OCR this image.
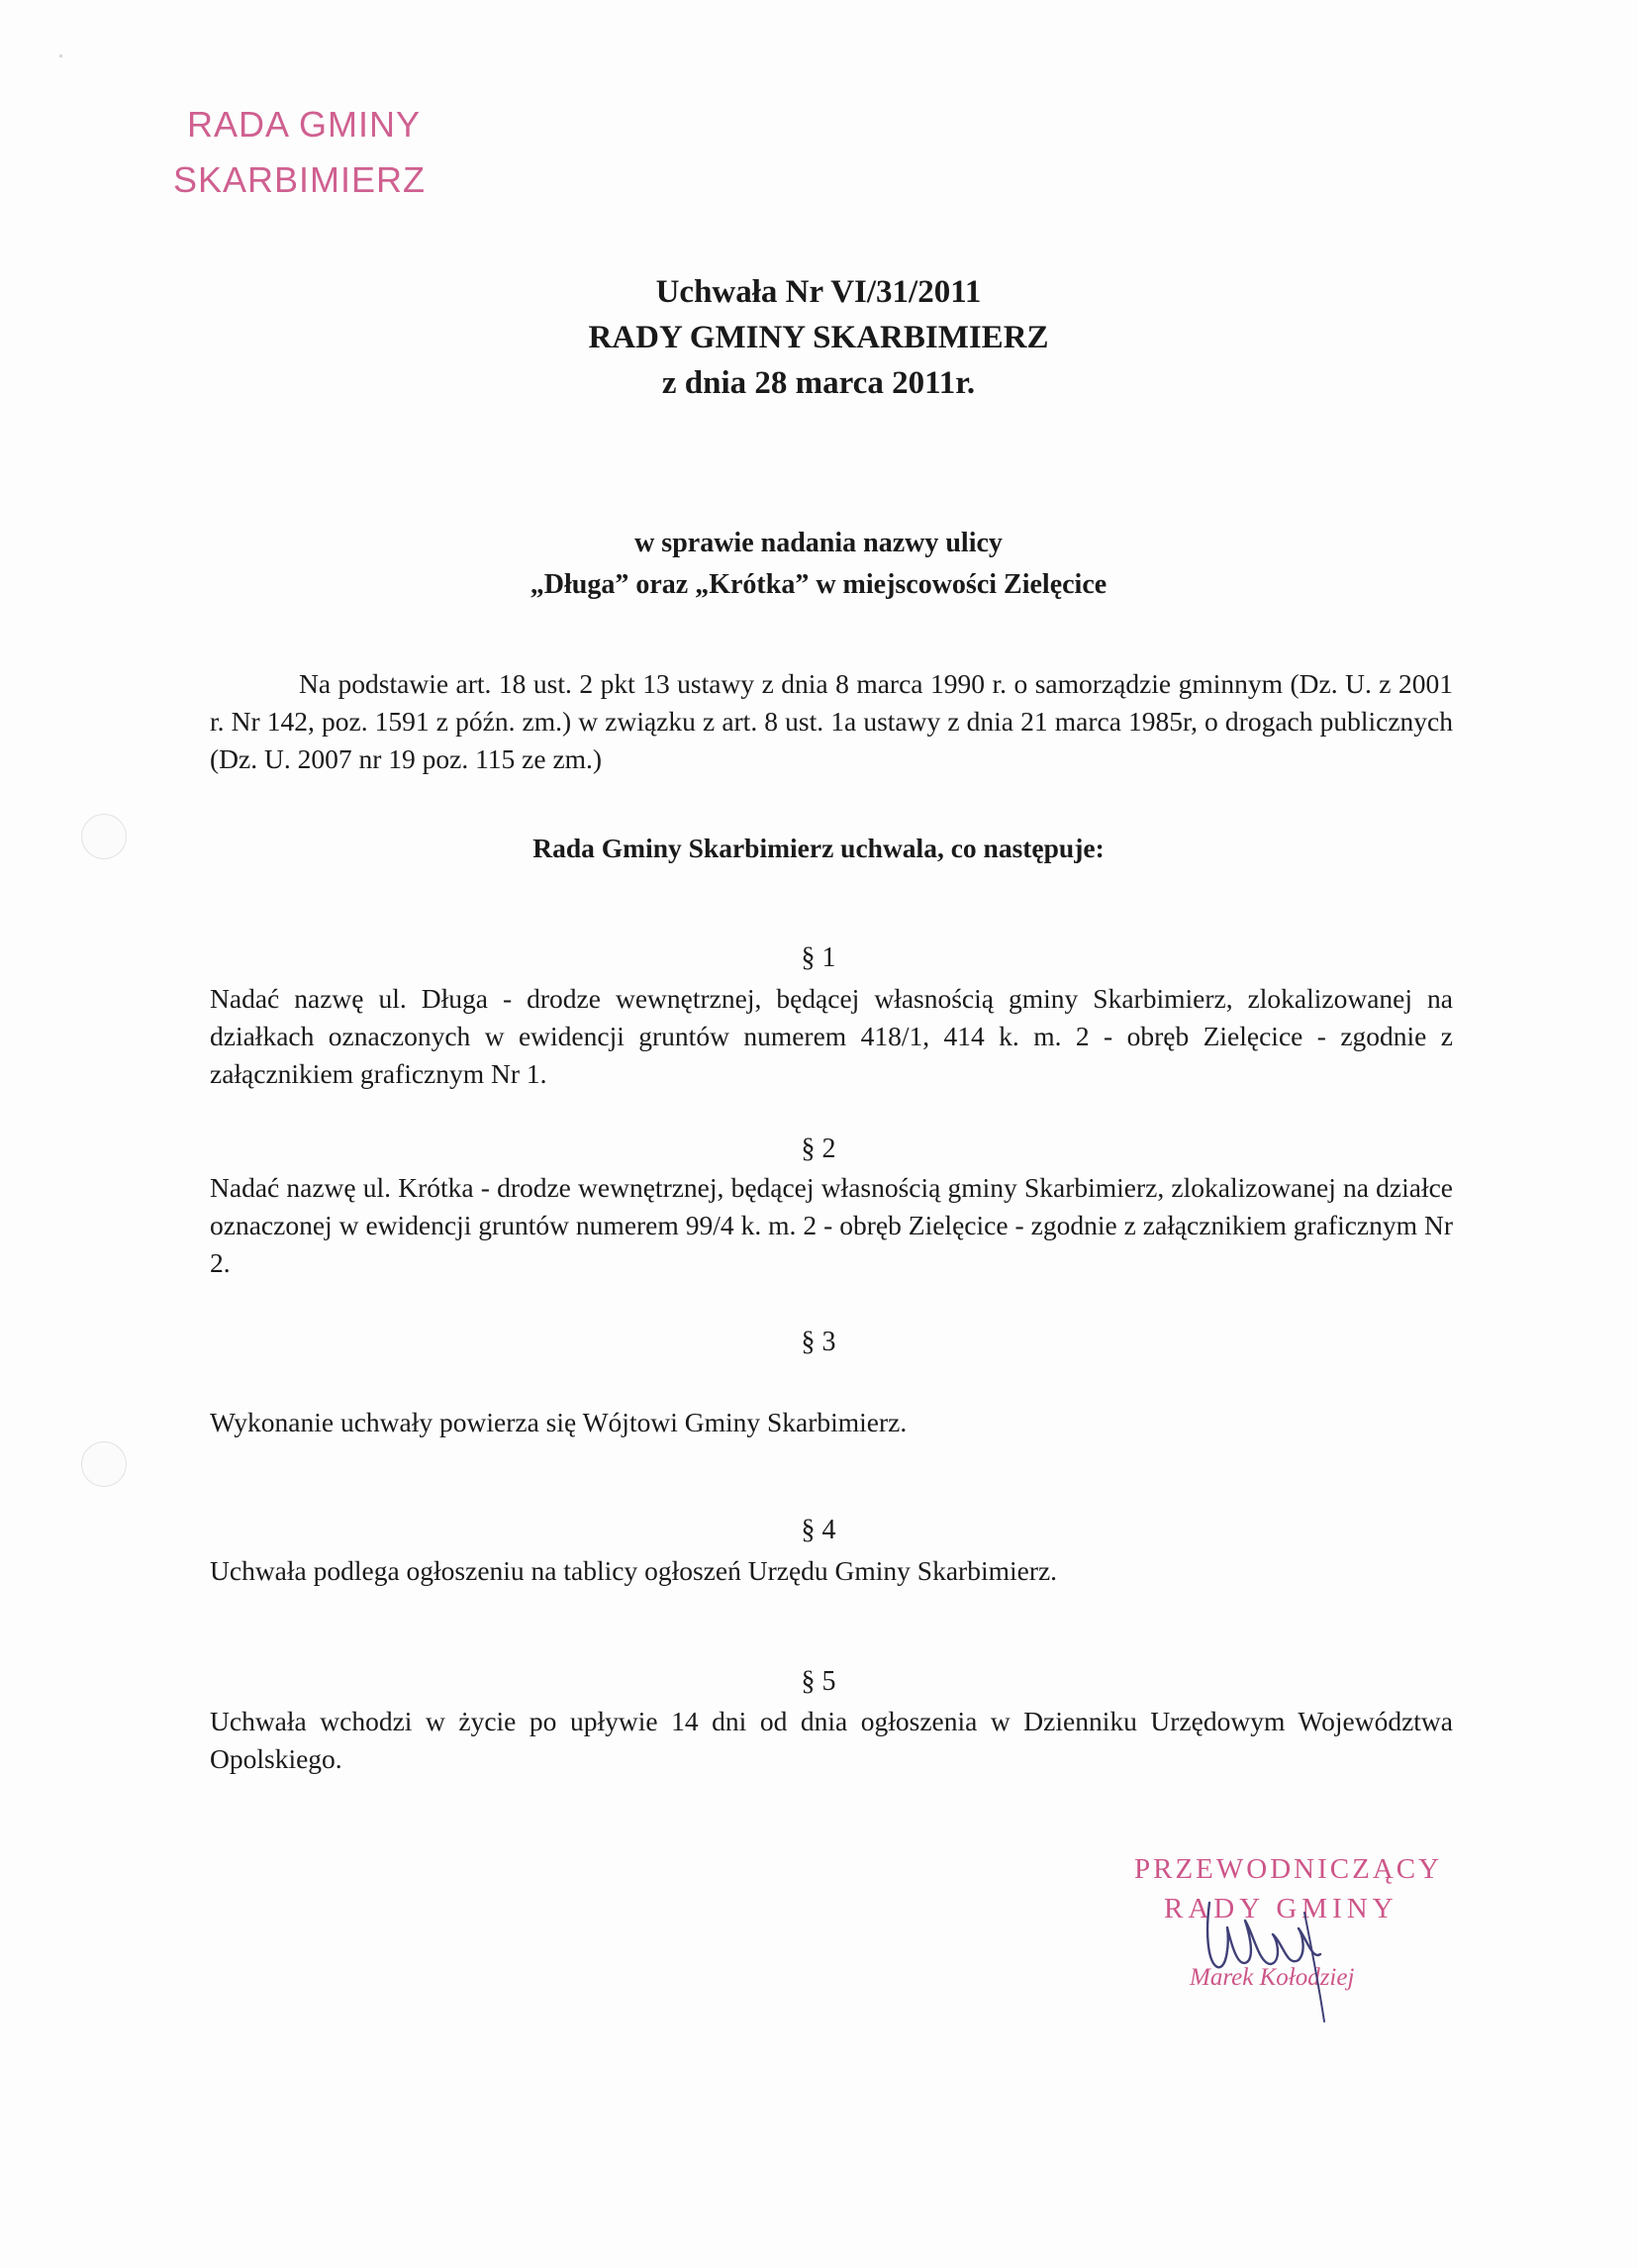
RADA GMINY
SKARBIMIERZ
Uchwała Nr VI/31/2011
RADY GMINY SKARBIMIERZ
z dnia 28 marca 2011r.
w sprawie nadania nazwy ulicy
„Długa” oraz „Krótka” w miejscowości Zielęcice
Na podstawie art. 18 ust. 2 pkt 13 ustawy z dnia 8 marca 1990 r. o samorządzie gminnym (Dz. U. z 2001 r. Nr 142, poz. 1591 z późn. zm.) w związku z art. 8 ust. 1a ustawy z dnia 21 marca 1985r, o drogach publicznych (Dz. U. 2007 nr 19 poz. 115 ze zm.)
Rada Gminy Skarbimierz uchwala, co następuje:
§ 1
Nadać nazwę ul. Długa - drodze wewnętrznej, będącej własnością gminy Skarbimierz, zlokalizowanej na działkach oznaczonych w ewidencji gruntów numerem 418/1, 414 k. m. 2 - obręb Zielęcice - zgodnie z załącznikiem graficznym Nr 1.
§ 2
Nadać nazwę ul. Krótka - drodze wewnętrznej, będącej własnością gminy Skarbimierz, zlokalizowanej na działce oznaczonej w ewidencji gruntów numerem 99/4 k. m. 2 - obręb Zielęcice - zgodnie z załącznikiem graficznym Nr 2.
§ 3
Wykonanie uchwały powierza się Wójtowi Gminy Skarbimierz.
§ 4
Uchwała podlega ogłoszeniu na tablicy ogłoszeń Urzędu Gminy Skarbimierz.
§ 5
Uchwała wchodzi w życie po upływie 14 dni od dnia ogłoszenia w Dzienniku Urzędowym Województwa Opolskiego.
PRZEWODNICZĄCY
RADY GMINY
Marek Kołodziej
